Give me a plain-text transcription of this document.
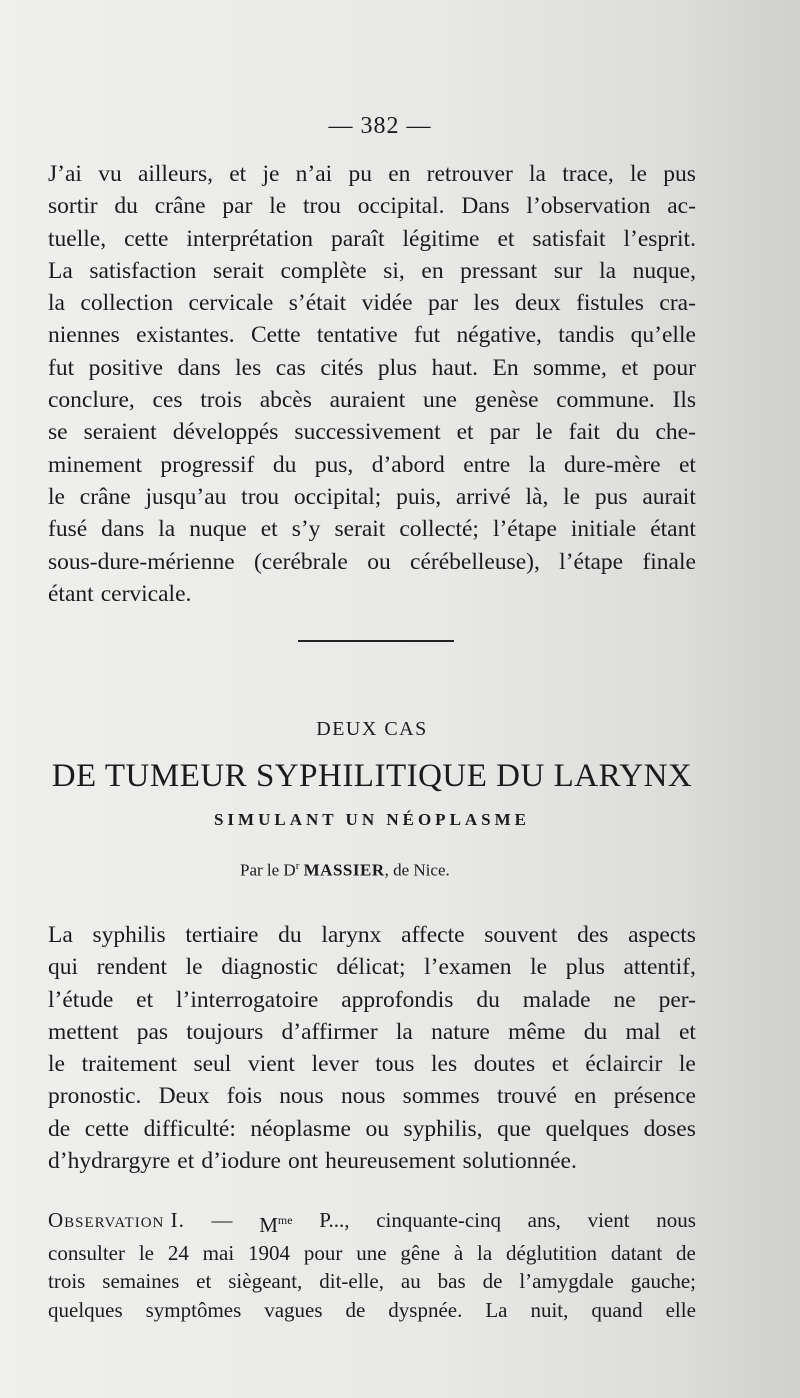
— 382 —
J’ai vu ailleurs, et je n’ai pu en retrouver la trace, le pus
sortir du crâne par le trou occipital. Dans l’observation ac-
tuelle, cette interprétation paraît légitime et satisfait l’esprit.
La satisfaction serait complète si, en pressant sur la nuque,
la collection cervicale s’était vidée par les deux fistules cra-
niennes existantes. Cette tentative fut négative, tandis qu’elle
fut positive dans les cas cités plus haut. En somme, et pour
conclure, ces trois abcès auraient une genèse commune. Ils
se seraient développés successivement et par le fait du che-
minement progressif du pus, d’abord entre la dure-mère et
le crâne jusqu’au trou occipital; puis, arrivé là, le pus aurait
fusé dans la nuque et s’y serait collecté; l’étape initiale étant
sous-dure-mérienne (cerébrale ou cérébelleuse), l’étape finale
étant cervicale.
DEUX CAS
DE TUMEUR SYPHILITIQUE DU LARYNX
SIMULANT UN NÉOPLASME
Par le $D^r$ MASSIER, de Nice.
La syphilis tertiaire du larynx affecte souvent des aspects
qui rendent le diagnostic délicat; l’examen le plus attentif,
l’étude et l’interrogatoire approfondis du malade ne per-
mettent pas toujours d’affirmer la nature même du mal et
le traitement seul vient lever tous les doutes et éclaircir le
pronostic. Deux fois nous nous sommes trouvé en présence
de cette difficulté: néoplasme ou syphilis, que quelques doses
d’hydrargyre et d’iodure ont heureusement solutionnée.
Observation I. — $M^{me}$ P..., cinquante-cinq ans, vient nous
consulter le 24 mai 1904 pour une gêne à la déglutition datant de
trois semaines et siègeant, dit-elle, au bas de l’amygdale gauche;
quelques symptômes vagues de dyspnée. La nuit, quand elle
